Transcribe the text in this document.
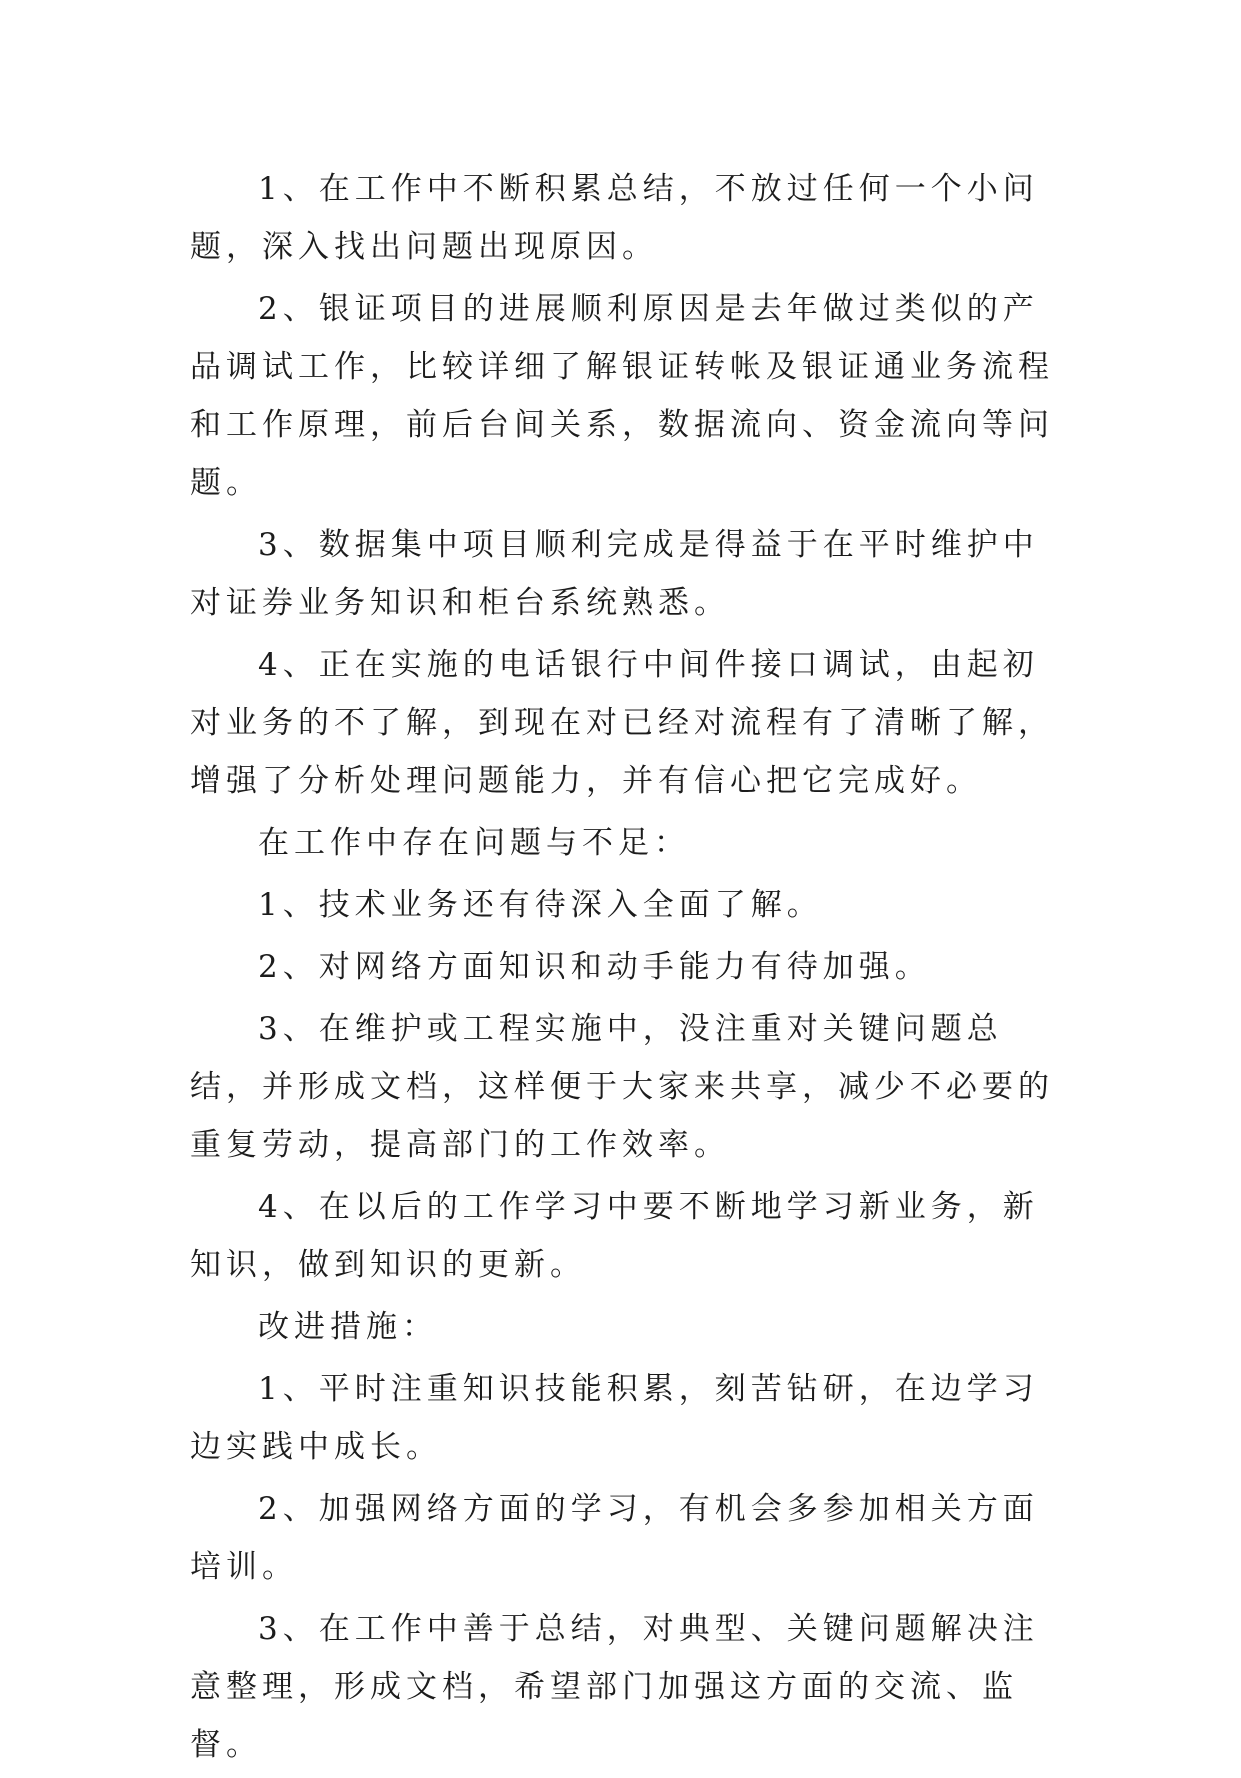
1、在工作中不断积累总结，不放过任何一个小问题，深入找出问题出现原因。

2、银证项目的进展顺利原因是去年做过类似的产品调试工作，比较详细了解银证转帐及银证通业务流程和工作原理，前后台间关系，数据流向、资金流向等问题。

3、数据集中项目顺利完成是得益于在平时维护中对证券业务知识和柜台系统熟悉。

4、正在实施的电话银行中间件接口调试，由起初对业务的不了解，到现在对已经对流程有了清晰了解，增强了分析处理问题能力，并有信心把它完成好。

在工作中存在问题与不足：

1、技术业务还有待深入全面了解。

2、对网络方面知识和动手能力有待加强。

3、在维护或工程实施中，没注重对关键问题总结，并形成文档，这样便于大家来共享，减少不必要的重复劳动，提高部门的工作效率。

4、在以后的工作学习中要不断地学习新业务，新知识，做到知识的更新。

改进措施：

1、平时注重知识技能积累，刻苦钻研，在边学习边实践中成长。

2、加强网络方面的学习，有机会多参加相关方面培训。

3、在工作中善于总结，对典型、关键问题解决注意整理，形成文档，希望部门加强这方面的交流、监督。
